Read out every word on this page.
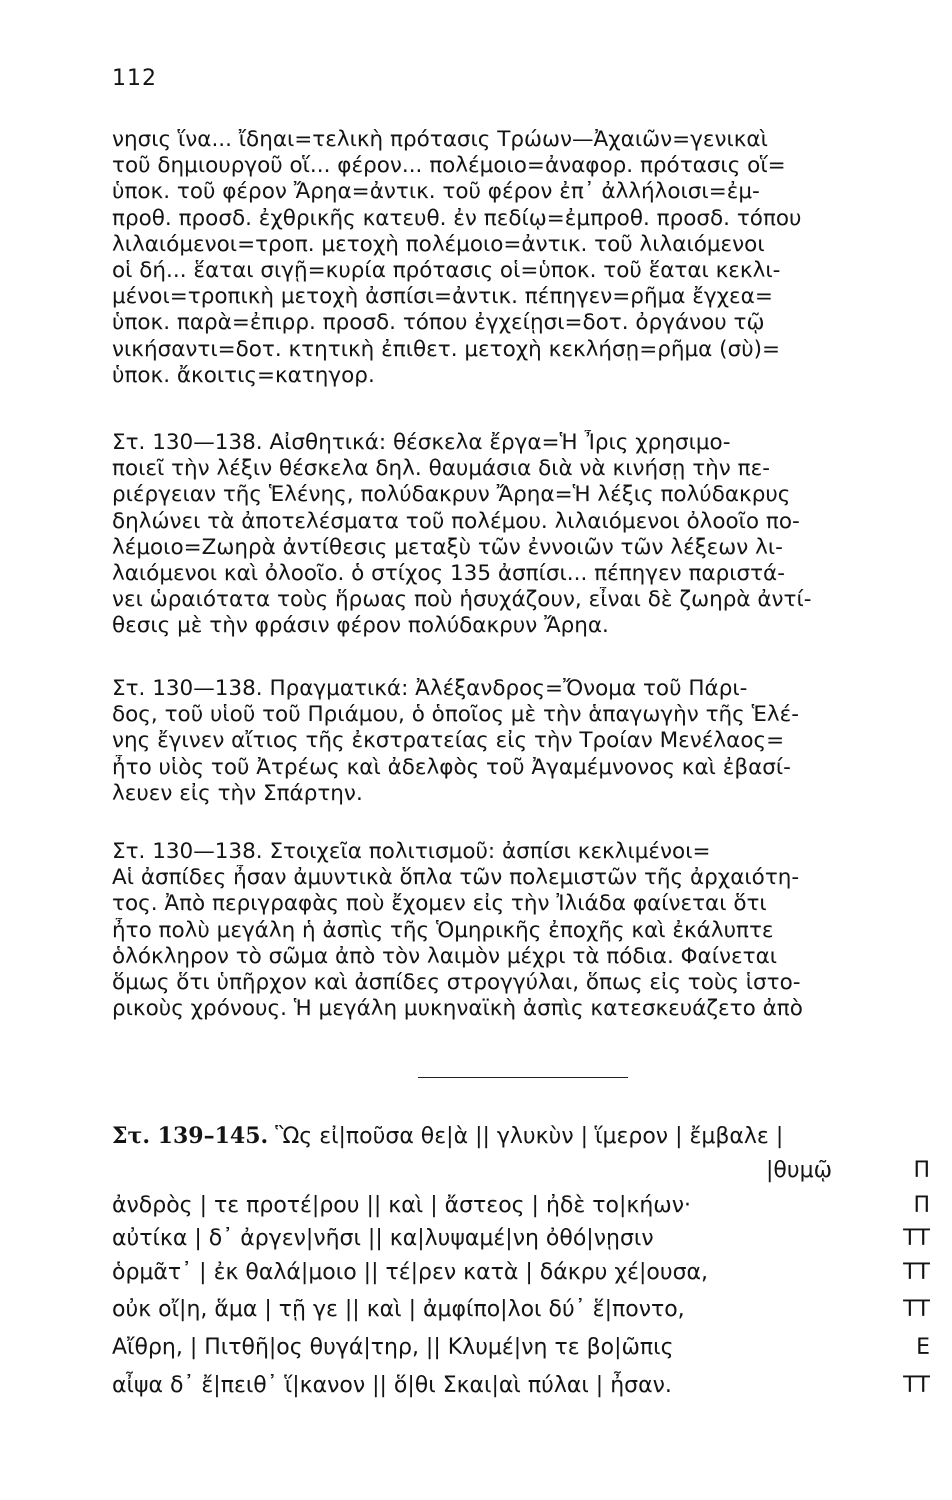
112
νησις ἵνα... ἴδηαι=τελικὴ πρότασις Τρώων—Ἀχαιῶν=γενικαὶ
τοῦ δημιουργοῦ οἵ... φέρον... πολέμοιο=ἀναφορ. πρότασις οἵ=
ὑποκ. τοῦ φέρον Ἄρηα=ἀντικ. τοῦ φέρον ἐπ᾽ ἀλλήλοισι=ἐμ-
προθ. προσδ. ἐχθρικῆς κατευθ. ἐν πεδίῳ=ἐμπροθ. προσδ. τόπου
λιλαιόμενοι=τροπ. μετοχὴ πολέμοιο=ἀντικ. τοῦ λιλαιόμενοι
οἱ δή... ἕαται σιγῇ=κυρία πρότασις οἱ=ὑποκ. τοῦ ἕαται κεκλι-
μένοι=τροπικὴ μετοχὴ ἀσπίσι=ἀντικ. πέπηγεν=ρῆμα ἔγχεα=
ὑποκ. παρὰ=ἐπιρρ. προσδ. τόπου ἐγχείῃσι=δοτ. ὀργάνου τῷ
νικήσαντι=δοτ. κτητικὴ ἐπιθετ. μετοχὴ κεκλήσῃ=ρῆμα (σὺ)=
ὑποκ. ἄκοιτις=κατηγορ.
Στ. 130—138. Αἰσθητικά: θέσκελα ἔργα=Ἡ Ἶρις χρησιμο-
ποιεῖ τὴν λέξιν θέσκελα δηλ. θαυμάσια διὰ νὰ κινήσῃ τὴν πε-
ριέργειαν τῆς Ἑλένης, πολύδακρυν Ἄρηα=Ἡ λέξις πολύδακρυς
δηλώνει τὰ ἀποτελέσματα τοῦ πολέμου. λιλαιόμενοι ὀλοοῖο πο-
λέμοιο=Ζωηρὰ ἀντίθεσις μεταξὺ τῶν ἐννοιῶν τῶν λέξεων λι-
λαιόμενοι καὶ ὀλοοῖο. ὁ στίχος 135 ἀσπίσι... πέπηγεν παριστά-
νει ὡραιότατα τοὺς ἥρωας ποὺ ἡσυχάζουν, εἶναι δὲ ζωηρὰ ἀντί-
θεσις μὲ τὴν φράσιν φέρον πολύδακρυν Ἄρηα.
Στ. 130—138. Πραγματικά: Ἀλέξανδρος=Ὄνομα τοῦ Πάρι-
δος, τοῦ υἱοῦ τοῦ Πριάμου, ὁ ὁποῖος μὲ τὴν ἁπαγωγὴν τῆς Ἑλέ-
νης ἔγινεν αἴτιος τῆς ἐκστρατείας εἰς τὴν Τροίαν Μενέλαος=
ἦτο υἱὸς τοῦ Ἀτρέως καὶ ἀδελφὸς τοῦ Ἀγαμέμνονος καὶ ἐβασί-
λευεν εἰς τὴν Σπάρτην.
Στ. 130—138. Στοιχεῖα πολιτισμοῦ: ἀσπίσι κεκλιμένοι=
Αἱ ἀσπίδες ἦσαν ἀμυντικὰ ὅπλα τῶν πολεμιστῶν τῆς ἀρχαιότη-
τος. Ἀπὸ περιγραφὰς ποὺ ἔχομεν εἰς τὴν Ἰλιάδα φαίνεται ὅτι
ἦτο πολὺ μεγάλη ἡ ἀσπὶς τῆς Ὁμηρικῆς ἐποχῆς καὶ ἐκάλυπτε
ὁλόκληρον τὸ σῶμα ἀπὸ τὸν λαιμὸν μέχρι τὰ πόδια. Φαίνεται
ὅμως ὅτι ὑπῆρχον καὶ ἀσπίδες στρογγύλαι, ὅπως εἰς τοὺς ἱστο-
ρικοὺς χρόνους. Ἡ μεγάλη μυκηναϊκὴ ἀσπὶς κατεσκευάζετο ἀπὸ
Στ. 139–145. Ὣς εἰ|ποῦσα θε|ὰ || γλυκὺν | ἵμερον | ἔμβαλε |
|θυμῷ	Π
ἀνδρὸς | τε προτέ|ρου || καὶ | ἄστεος | ἠδὲ το|κήων·	Π
αὐτίκα | δ᾽ ἀργεν|νῆσι || κα|λυψαμέ|νη ὀθό|νῃσιν	ΤΤ
ὁρμᾶτ᾽ | ἐκ θαλά|μοιο || τέ|ρεν κατὰ | δάκρυ χέ|ουσα,	ΤΤ
οὐκ οἴ|η, ἅμα | τῇ γε || καὶ | ἀμφίπο|λοι δύ᾽ ἕ|ποντο,	ΤΤ
Αἴθρη, | Πιτθῆ|ος θυγά|τηρ, || Κλυμέ|νη τε βο|ῶπις	Ε
αἶψα δ᾽ ἔ|πειθ᾽ ἵ|κανον || ὅ|θι Σκαι|αὶ πύλαι | ἦσαν.	ΤΤ
